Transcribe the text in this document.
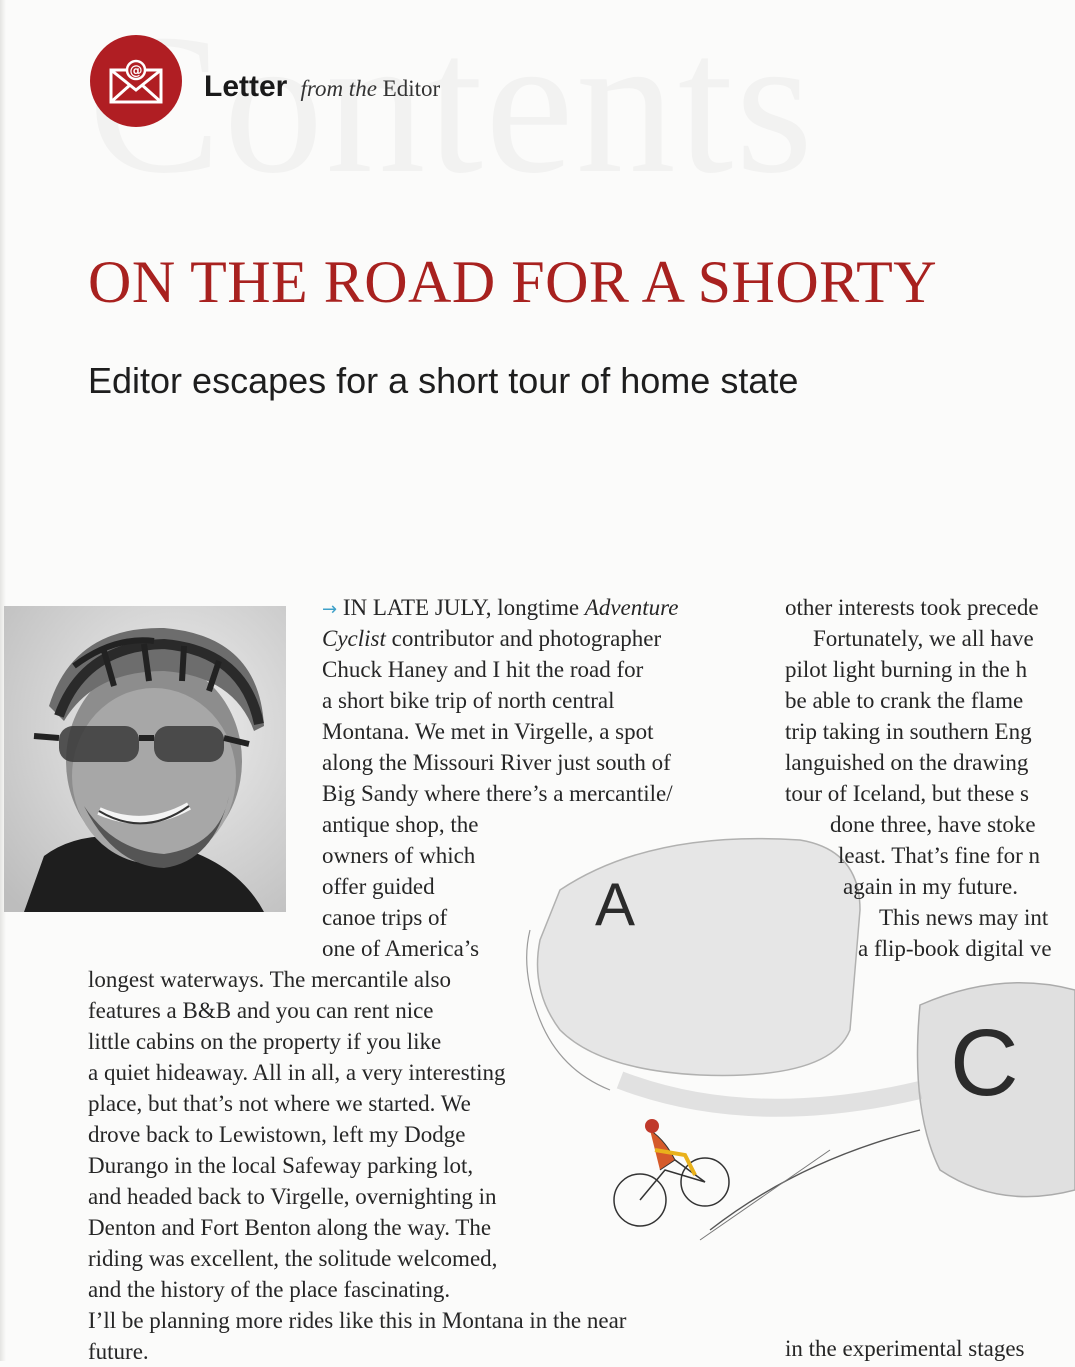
@ Letter from the Editor
ON THE ROAD FOR A SHORTY
Editor escapes for a short tour of home state
A
C
→ IN LATE JULY, longtime Adventure
Cyclist contributor and photographer
Chuck Haney and I hit the road for
a short bike trip of north central
Montana. We met in Virgelle, a spot
along the Missouri River just south of
Big Sandy where there’s a mercantile/
antique shop, the
owners of which
offer guided
canoe trips of
one of America’s
longest waterways. The mercantile also
features a B&B and you can rent nice
little cabins on the property if you like
a quiet hideaway. All in all, a very interesting
place, but that’s not where we started. We
drove back to Lewistown, left my Dodge
Durango in the local Safeway parking lot,
and headed back to Virgelle, overnighting in
Denton and Fort Benton along the way. The
riding was excellent, the solitude welcomed,
and the history of the place fascinating.
I’ll be planning more rides like this in Montana in the near
future.
other interests took precede
Fortunately, we all have
pilot light burning in the h
be able to crank the flame
trip taking in southern Eng
languished on the drawing
tour of Iceland, but these s
done three, have stoke
least. That’s fine for n
again in my future.
This news may int
a flip-book digital ve
in the experimental stages
